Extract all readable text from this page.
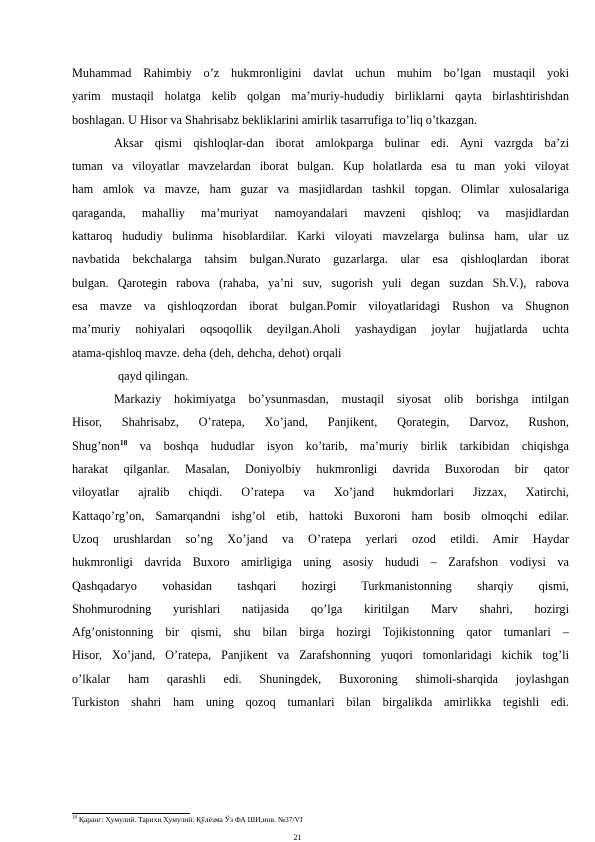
Muhammad Rahimbiy o’z hukmronligini davlat uchun muhim bo’lgan mustaqil yoki
yarim mustaqil holatga kelib qolgan ma’muriy-hududiy birliklarni qayta birlashtirishdan
boshlagan. U Hisor va Shahrisabz bekliklarini amirlik tasarrufiga to’liq o’tkazgan.
Aksar qismi qishloqlar-dan iborat amlokparga bulinar edi. Ayni vazrgda ba’zi
tuman va viloyatlar mavzelardan iborat bulgan. Kup holatlarda esa tu man yoki viloyat
ham amlok va mavze, ham guzar va masjidlardan tashkil topgan. Olimlar xulosalariga
qaraganda, mahalliy ma’muriyat namoyandalari mavzeni qishloq; va masjidlardan
kattaroq hududiy bulinma hisoblardilar. Karki viloyati mavzelarga bulinsa ham, ular uz
navbatida bekchalarga tahsim bulgan.Nurato guzarlarga. ular esa qishloqlardan iborat
bulgan. Qarotegin rabova (rahaba, ya’ni suv, sugorish yuli degan suzdan Sh.V.), rabova
esa mavze va qishloqzordan iborat bulgan.Pomir viloyatlaridagi Rushon va Shugnon
ma’muriy nohiyalari oqsoqollik deyilgan.Aholi yashaydigan joylar hujjatlarda uchta
atama-qishloq mavze. deha (deh, dehcha, dehot) orqali
qayd qilingan.
Markaziy hokimiyatga bo’ysunmasdan, mustaqil siyosat olib borishga intilgan
Hisor, Shahrisabz, O’ratepa, Xo’jand, Panjikent, Qorategin, Darvoz, Rushon,
Shug’non$^{18}$ va boshqa hududlar isyon ko’tarib, ma’muriy birlik tarkibidan chiqishga
harakat qilganlar. Masalan, Doniyolbiy hukmronligi davrida Buxorodan bir qator
viloyatlar ajralib chiqdi. O’ratepa va Xo’jand hukmdorlari Jizzax, Xatirchi,
Kattaqo’rg’on, Samarqandni ishg’ol etib, hattoki Buxoroni ham bosib olmoqchi edilar.
Uzoq urushlardan so’ng Xo’jand va O’ratepa yerlari ozod etildi. Amir Haydar
hukmronligi davrida Buxoro amirligiga uning asosiy hududi – Zarafshon vodiysi va
Qashqadaryo vohasidan tashqari hozirgi Turkmanistonning sharqiy qismi,
Shohmurodning yurishlari natijasida qo’lga kiritilgan Marv shahri, hozirgi
Afg’onistonning bir qismi, shu bilan birga hozirgi Tojikistonning qator tumanlari –
Hisor, Xo’jand, O’ratepa, Panjikent va Zarafshonning yuqori tomonlaridagi kichik tog’li
o’lkalar ham qarashli edi. Shuningdek, Buxoroning shimoli-sharqida joylashgan
Turkiston shahri ham uning qozoq tumanlari bilan birgalikda amirlikka tegishli edi.
$^{18}$ Қаранг: Ҳумулий. Тарихи Ҳумулий: Қўлёзма Ўз ФА ШИ,инв. №37/VI
21
